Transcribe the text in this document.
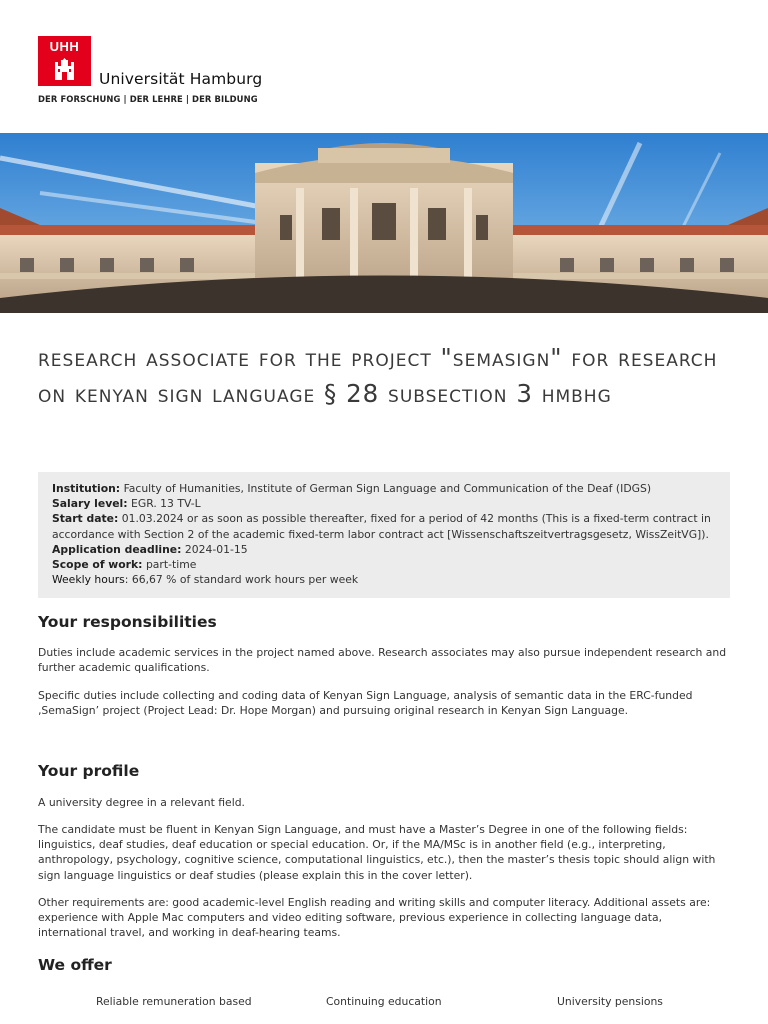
UHH
Universität Hamburg
DER FORSCHUNG | DER LEHRE | DER BILDUNG
research associate for the project "semasign" for research on kenyan sign language § 28 subsection 3 hmbhg
Institution: Faculty of Humanities, Institute of German Sign Language and Communication of the Deaf (IDGS)
Salary level: EGR. 13 TV-L
Start date: 01.03.2024 or as soon as possible thereafter, fixed for a period of 42 months (This is a fixed-term contract in accordance with Section 2 of the academic fixed-term labor contract act [Wissenschaftszeitvertragsgesetz, WissZeitVG]).
Application deadline: 2024-01-15
Scope of work: part-time
Weekly hours: 66,67 % of standard work hours per week
Your responsibilities

Duties include academic services in the project named above. Research associates may also pursue independent research and further academic qualifications.

Specific duties include collecting and coding data of Kenyan Sign Language, analysis of semantic data in the ERC-funded ‚SemaSign’ project (Project Lead: Dr. Hope Morgan) and pursuing original research in Kenyan Sign Language.

Your profile

A university degree in a relevant field.

The candidate must be fluent in Kenyan Sign Language, and must have a Master’s Degree in one of the following fields: linguistics, deaf studies, deaf education or special education. Or, if the MA/MSc is in another field (e.g., interpreting, anthropology, psychology, cognitive science, computational linguistics, etc.), then the master’s thesis topic should align with sign language linguistics or deaf studies (please explain this in the cover letter).

Other requirements are: good academic-level English reading and writing skills and computer literacy. Additional assets are: experience with Apple Mac computers and video editing software, previous experience in collecting language data, international travel, and working in deaf-hearing teams.

We offer

Reliable remuneration based	Continuing education	University pensions
